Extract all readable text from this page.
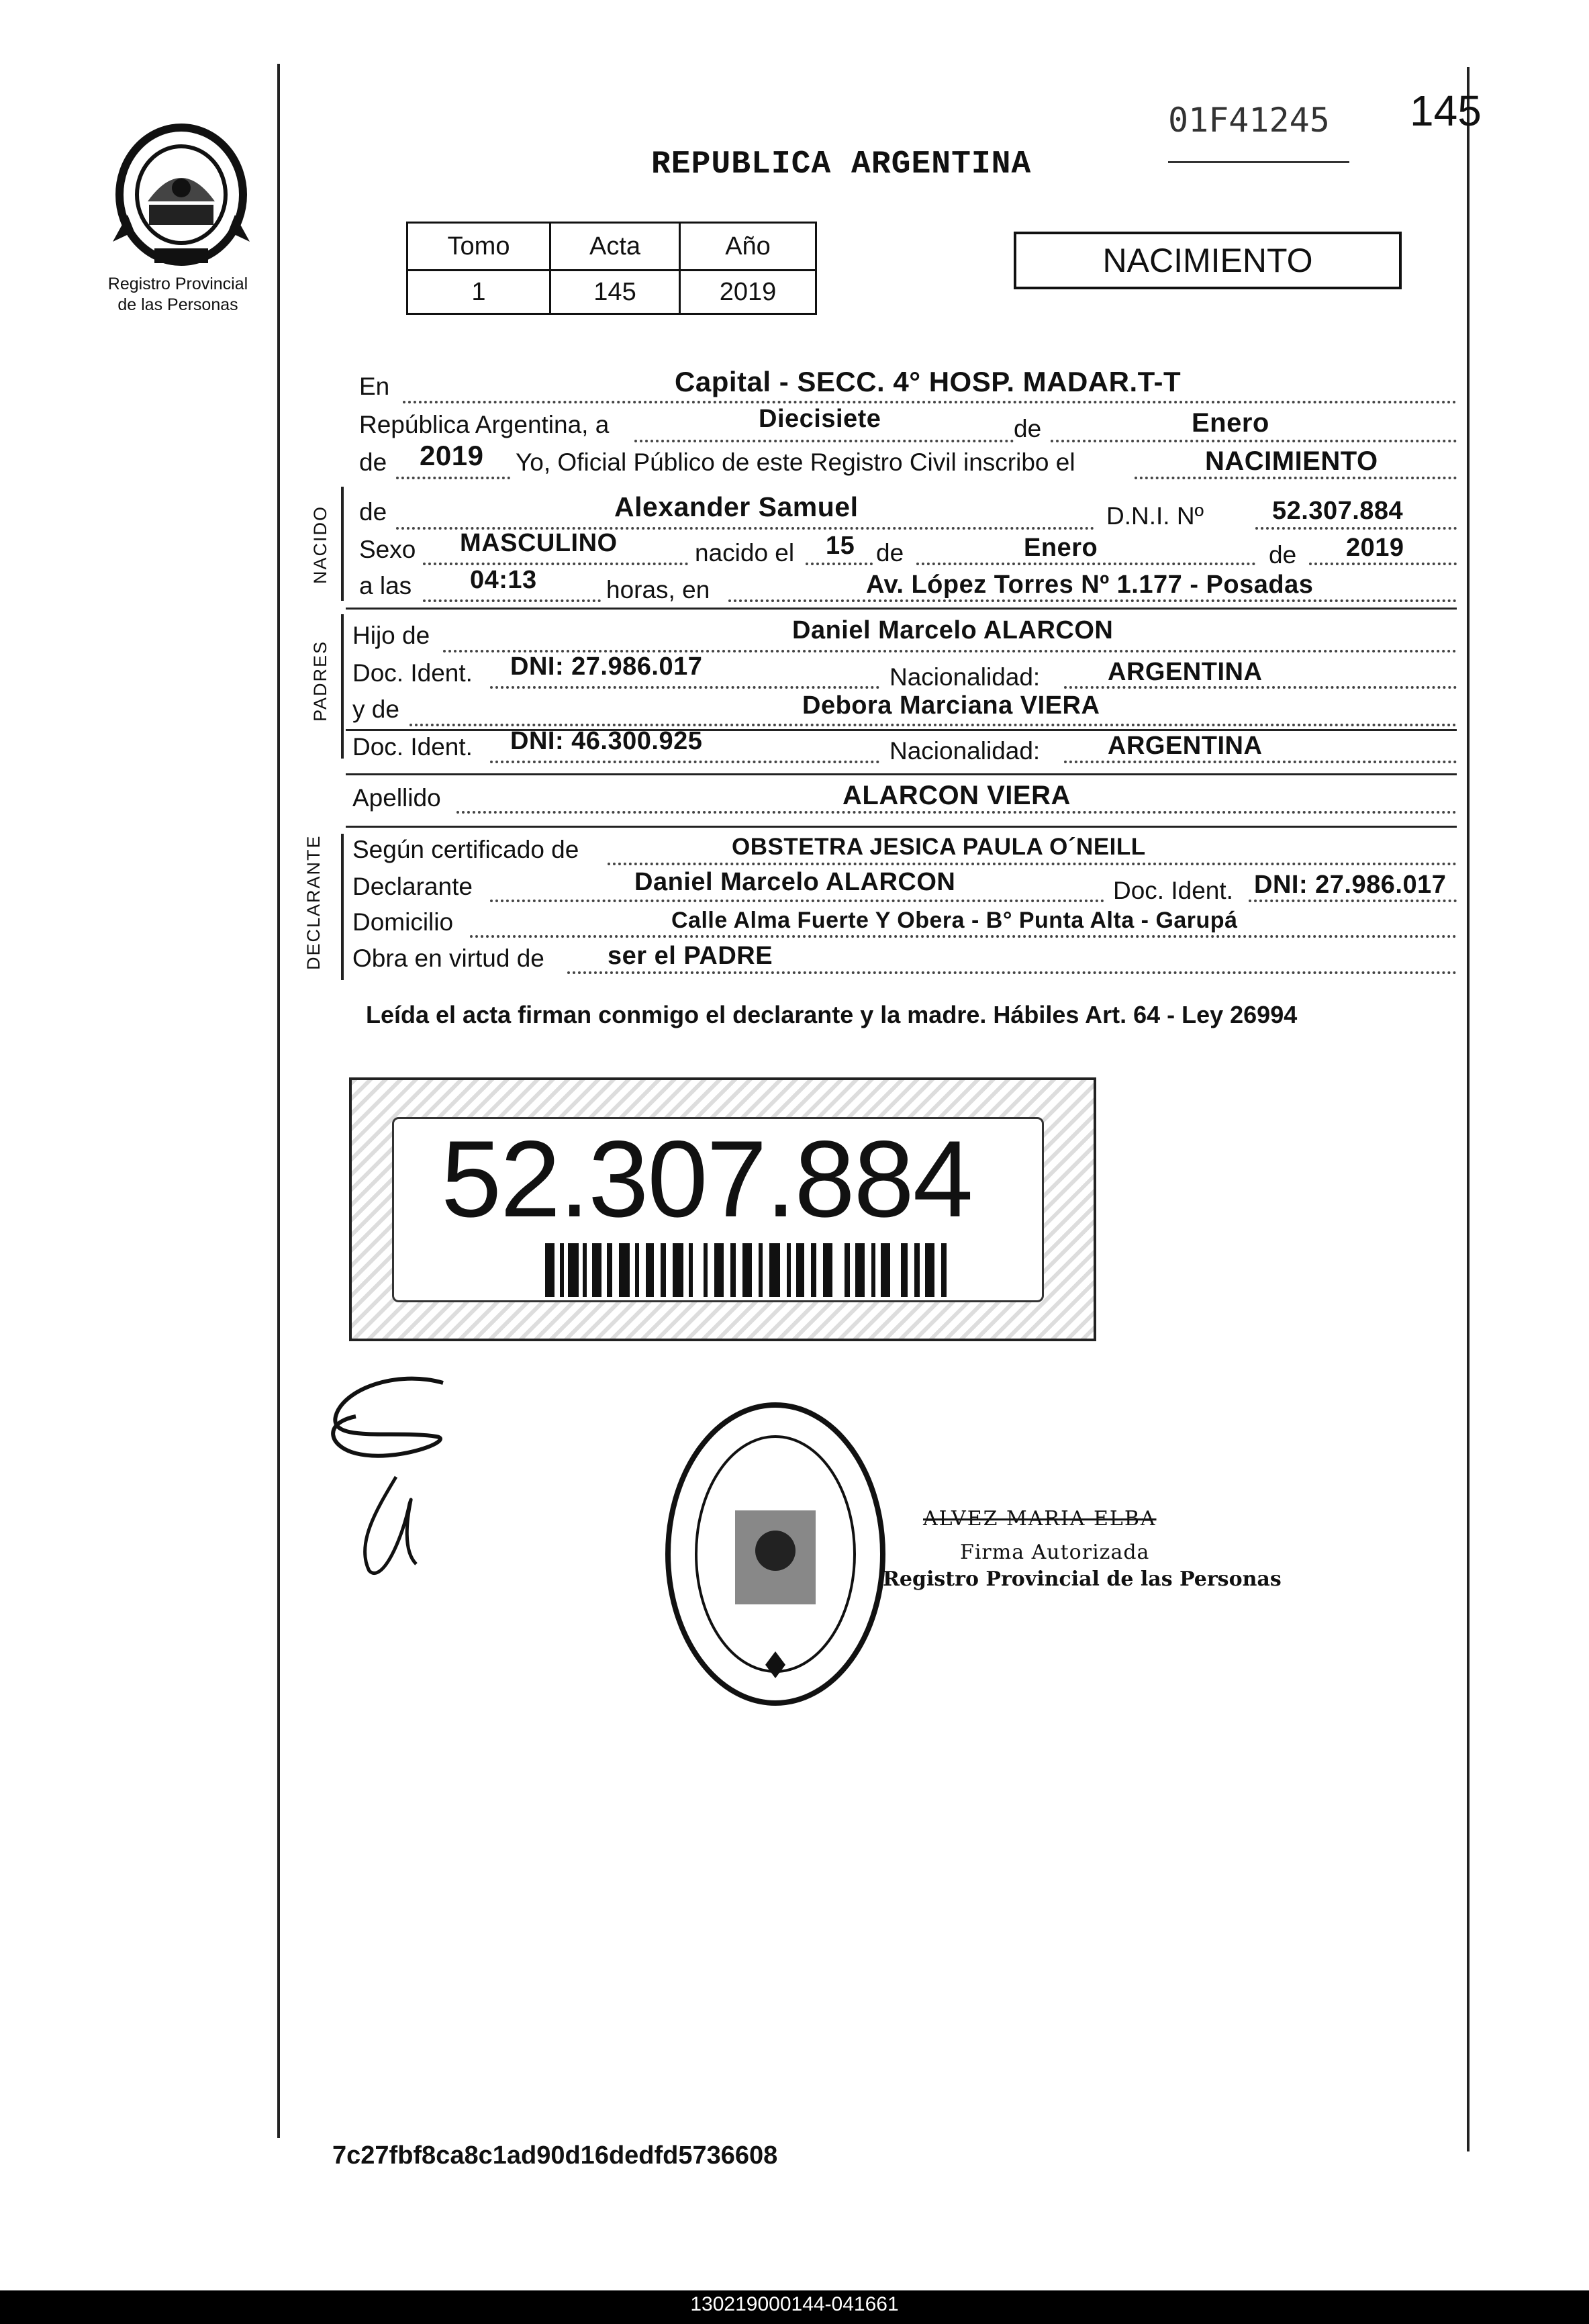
Registro Provincial
de las Personas
REPUBLICA ARGENTINA
01F41245 145
Tomo	Acta	Año
1	145	2019
NACIMIENTO
En	Capital - SECC. 4° HOSP. MADAR.T-T
República Argentina, a	Diecisiete	de	Enero
de 2019 Yo, Oficial Público de este Registro Civil inscribo el	NACIMIENTO
NACIDO de	Alexander Samuel	D.N.I. Nº	52.307.884
Sexo MASCULINO	nacido el 15 de	Enero	de 2019
a las 04:13	horas, en	Av. López Torres Nº 1.177 - Posadas
PADRES
Hijo de	Daniel Marcelo ALARCON
Doc. Ident. DNI: 27.986.017	Nacionalidad:	ARGENTINA
y de	Debora Marciana VIERA
Doc. Ident. DNI: 46.300.925	Nacionalidad:	ARGENTINA
Apellido	ALARCON VIERA
DECLARANTE Según certificado de	OBSTETRA JESICA PAULA O´NEILL
Declarante	Daniel Marcelo ALARCON	Doc. Ident. DNI: 27.986.017
Domicilio	Calle Alma Fuerte Y Obera - B° Punta Alta - Garupá
Obra en virtud de ser el PADRE
Leída el acta firman conmigo el declarante y la madre. Hábiles Art. 64 - Ley 26994
52.307.884
ALVEZ MARIA ELBA
Firma Autorizada
Registro Provincial de las Personas
7c27fbf8ca8c1ad90d16dedfd5736608
130219000144-041661
